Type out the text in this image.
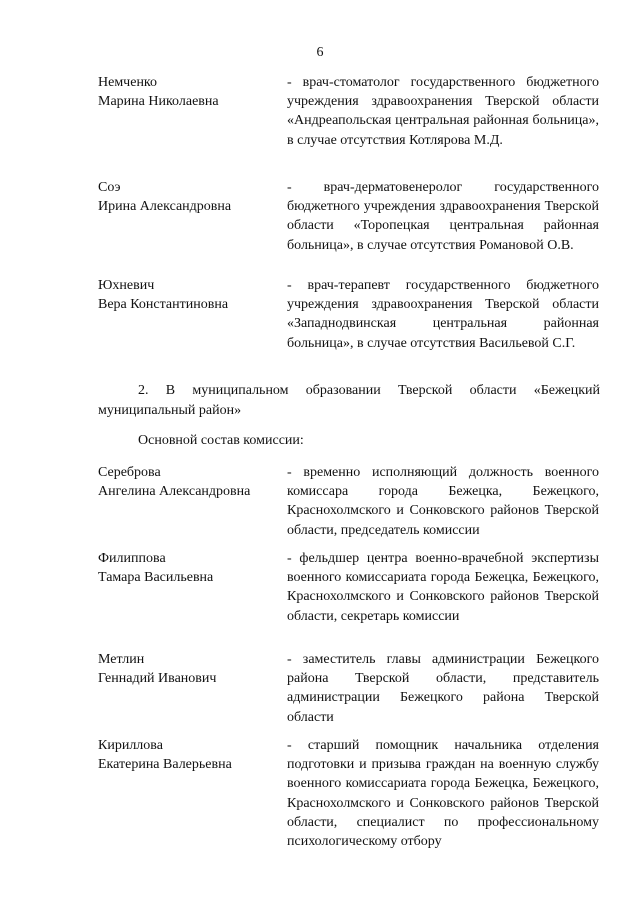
6
Немченко
Марина Николаевна
- врач-стоматолог государственного бюджетного учреждения здравоохранения Тверской области «Андреапольская центральная районная больница», в случае отсутствия Котлярова М.Д.
Соэ
Ирина Александровна
- врач-дерматовенеролог государственного бюджетного учреждения здравоохранения Тверской области «Торопецкая центральная районная больница», в случае отсутствия Романовой О.В.
Юхневич
Вера Константиновна
- врач-терапевт государственного бюджетного учреждения здравоохранения Тверской области «Западнодвинская центральная районная больница», в случае отсутствия Васильевой С.Г.
2. В муниципальном образовании Тверской области «Бежецкий муниципальный район»
Основной состав комиссии:
Сереброва
Ангелина Александровна
- временно исполняющий должность военного комиссара города Бежецка, Бежецкого, Краснохолмского и Сонковского районов Тверской области, председатель комиссии
Филиппова
Тамара Васильевна
- фельдшер центра военно-врачебной экспертизы военного комиссариата города Бежецка, Бежецкого, Краснохолмского и Сонковского районов Тверской области, секретарь комиссии
Метлин
Геннадий Иванович
- заместитель главы администрации Бежецкого района Тверской области, представитель администрации Бежецкого района Тверской области
Кириллова
Екатерина Валерьевна
- старший помощник начальника отделения подготовки и призыва граждан на военную службу военного комиссариата города Бежецка, Бежецкого, Краснохолмского и Сонковского районов Тверской области, специалист по профессиональному психологическому отбору
